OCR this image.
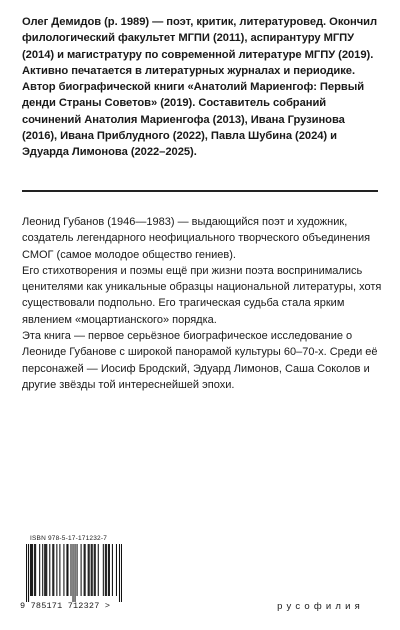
Олег Демидов (р. 1989) — поэт, критик, литературовед. Окончил филологический факультет МГПИ (2011), аспирантуру МГПУ (2014) и магистратуру по современной литературе МГПУ (2019). Активно печатается в литературных журналах и периодике. Автор биографической книги «Анатолий Мариенгоф: Первый денди Страны Советов» (2019). Составитель собраний сочинений Анатолия Мариенгофа (2013), Ивана Грузинова (2016), Ивана Приблудного (2022), Павла Шубина (2024) и Эдуарда Лимонова (2022–2025).

Леонид Губанов (1946—1983) — выдающийся поэт и художник, создатель легендарного неофициального творческого объединения СМОГ (самое молодое общество гениев).

Его стихотворения и поэмы ещё при жизни поэта воспринимались ценителями как уникальные образцы национальной литературы, хотя существовали подпольно. Его трагическая судьба стала ярким явлением «моцартианского» порядка.

Эта книга — первое серьёзное биографическое исследование о Леониде Губанове с широкой панорамой культуры 60–70-х. Среди её персонажей — Иосиф Бродский, Эдуард Лимонов, Саша Соколов и другие звёзды той интереснейшей эпохи.

ISBN 978-5-17-171232-7
9 785171 712327 >	русофилия
